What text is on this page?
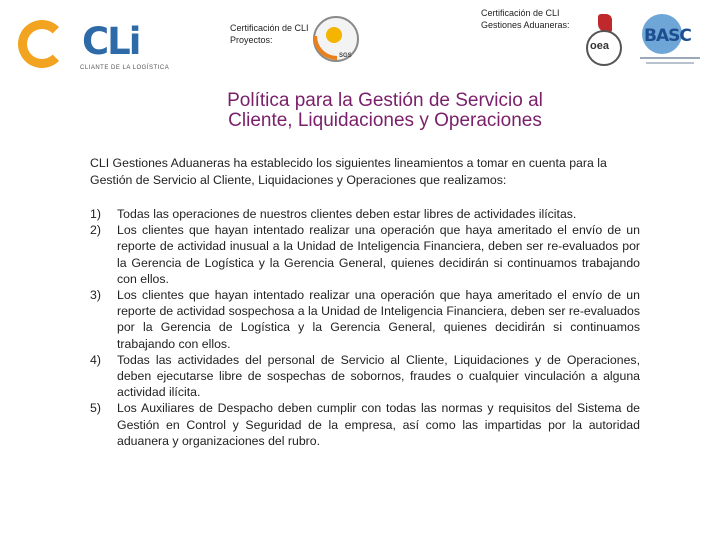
CLi
CLIANTE DE LA LOGÍSTICA
Certificación de CLI Proyectos:
SGS
Certificación de CLI Gestiones Aduaneras:
oea BASC
Política para la Gestión de Servicio al
Cliente, Liquidaciones y Operaciones
CLI Gestiones Aduaneras ha establecido los siguientes lineamientos a tomar en cuenta para la Gestión de Servicio al Cliente, Liquidaciones y Operaciones que realizamos:
1) Todas las operaciones de nuestros clientes deben estar libres de actividades ilícitas.
2) Los clientes que hayan intentado realizar una operación que haya ameritado el envío de un reporte de actividad inusual a la Unidad de Inteligencia Financiera, deben ser re-evaluados por la Gerencia de Logística y la Gerencia General, quienes decidirán si continuamos trabajando con ellos.
3) Los clientes que hayan intentado realizar una operación que haya ameritado el envío de un reporte de actividad sospechosa a la Unidad de Inteligencia Financiera, deben ser re-evaluados por la Gerencia de Logística y la Gerencia General, quienes decidirán si continuamos trabajando con ellos.
4) Todas las actividades del personal de Servicio al Cliente, Liquidaciones y de Operaciones, deben ejecutarse libre de sospechas de sobornos, fraudes o cualquier vinculación a alguna actividad ilícita.
5) Los Auxiliares de Despacho deben cumplir con todas las normas y requisitos del Sistema de Gestión en Control y Seguridad de la empresa, así como las impartidas por la autoridad aduanera y organizaciones del rubro.
